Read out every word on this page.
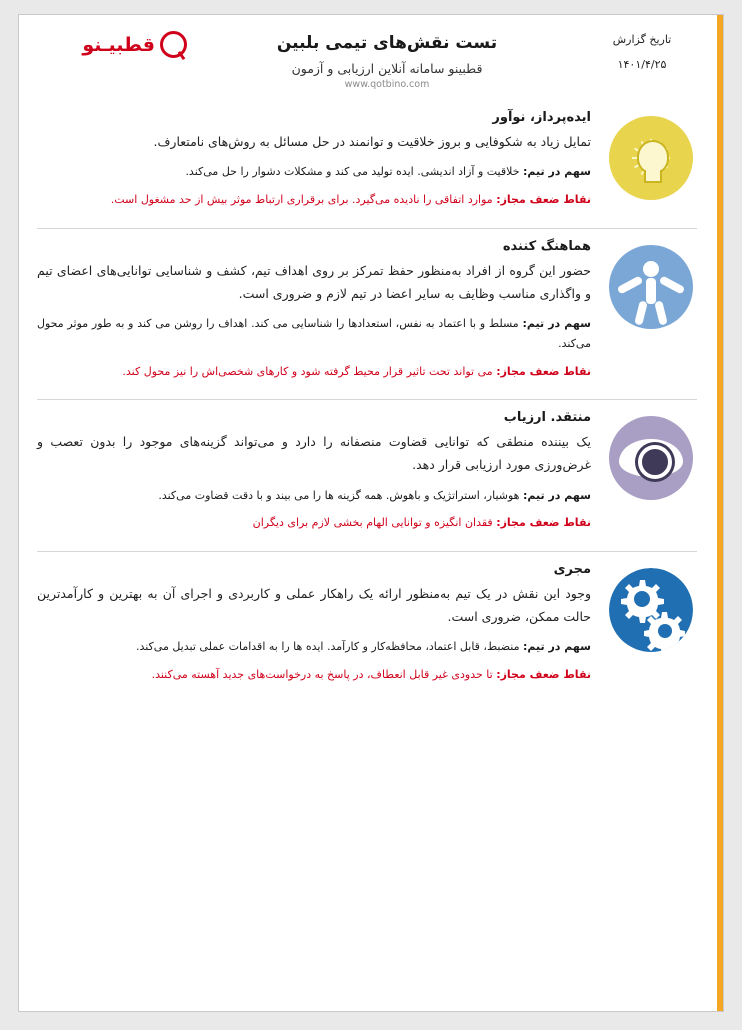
قطبیـنو	تست نقش‌های تیمی بلبین
قطبینو سامانه آنلاین ارزیابی و آزمون
www.qotbino.com
تاریخ گزارش
۱۴۰۱/۴/۲۵
ایده‌پرداز، نوآور

تمایل زیاد به شکوفایی و بروز خلاقیت و توانمند در حل مسائل به روش‌های نامتعارف.

سهم در تیم: خلاقیت و آزاد اندیشی. ایده تولید می کند و مشکلات دشوار را حل می‌کند.

نقاط ضعف مجاز: موارد اتفاقی را نادیده می‌گیرد. برای برقراری ارتباط موثر بیش از حد مشغول است.

هماهنگ کننده

حضور این گروه از افراد به‌منظور حفظ تمرکز بر روی اهداف تیم، کشف و شناسایی توانایی‌های اعضای تیم و واگذاری مناسب وظایف به سایر اعضا در تیم لازم و ضروری است.

سهم در تیم: مسلط و با اعتماد به نفس، استعدادها را شناسایی می کند. اهداف را روشن می کند و به طور موثر محول می‌کند.

نقاط ضعف مجاز: می تواند تحت تاثیر قرار محیط گرفته شود و کارهای شخصی‌اش را نیز محول کند.

منتقد. ارزیاب

یک بیننده منطقی که توانایی قضاوت منصفانه را دارد و می‌تواند گزینه‌های موجود را بدون تعصب و غرض‌ورزی مورد ارزیابی قرار دهد.

سهم در تیم: هوشیار، استراتژیک و باهوش. همه گزینه ها را می بیند و با دقت قضاوت می‌کند.

نقاط ضعف مجاز: فقدان انگیزه و توانایی الهام بخشی لازم برای دیگران

مجری

وجود این نقش در یک تیم به‌منظور ارائه یک راهکار عملی و کاربردی و اجرای آن به بهترین و کارآمدترین حالت ممکن، ضروری است.

سهم در تیم: منضبط، قابل اعتماد، محافظه‌کار و کارآمد. ایده ها را به اقدامات عملی تبدیل می‌کند.

نقاط ضعف مجاز: تا حدودی غیر قابل انعطاف، در پاسخ به درخواست‌های جدید آهسته می‌کنند.
